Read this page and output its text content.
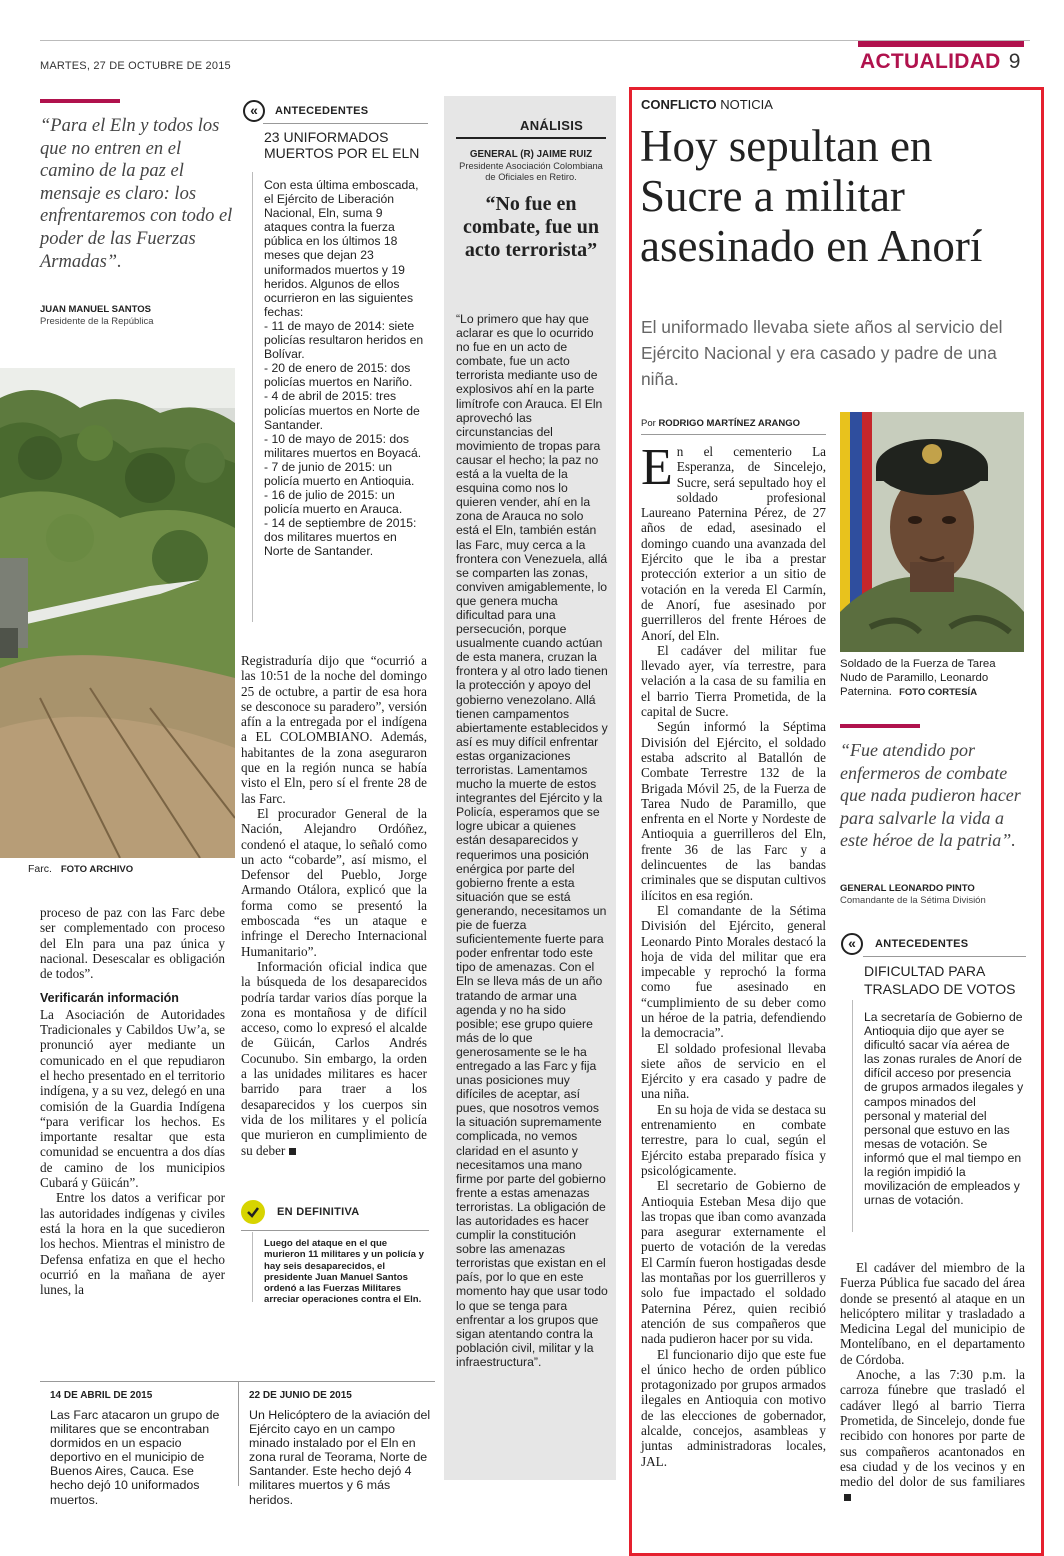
MARTES, 27 DE OCTUBRE DE 2015	ACTUALIDAD 9
“Para el Eln y todos los que no entren en el camino de la paz el mensaje es claro: los enfrentaremos con todo el poder de las Fuerzas Armadas”.
JUAN MANUEL SANTOS
Presidente de la República
Farc. FOTO ARCHIVO

proceso de paz con las Farc debe ser complementado con proceso del Eln para una paz única y nacional. Desescalar es obligación de todos”.

Verificarán información

La Asociación de Autoridades Tradicionales y Cabildos Uw’a, se pronunció ayer mediante un comunicado en el que repudiaron el hecho presentado en el territorio indígena, y a su vez, delegó en una comisión de la Guardia Indígena “para verificar los hechos. Es importante resaltar que esta comunidad se encuentra a dos días de camino de los municipios Cubará y Güicán”.

Entre los datos a verificar por las autoridades indígenas y civiles está la hora en la que sucedieron los hechos. Mientras el ministro de Defensa enfatiza en que el hecho ocurrió en la mañana de ayer lunes, la

«	ANTECEDENTES
23 UNIFORMADOS MUERTOS POR EL ELN

Con esta última emboscada, el Ejército de Liberación Nacional, Eln, suma 9 ataques contra la fuerza pública en los últimos 18 meses que dejan 23 uniformados muertos y 19 heridos. Algunos de ellos ocurrieron en las siguientes fechas:

- 11 de mayo de 2014: siete policías resultaron heridos en Bolívar.

- 20 de enero de 2015: dos policías muertos en Nariño.

- 4 de abril de 2015: tres policías muertos en Norte de Santander.

- 10 de mayo de 2015: dos militares muertos en Boyacá.

- 7 de junio de 2015: un policía muerto en Antioquia.

- 16 de julio de 2015: un policía muerto en Arauca.

- 14 de septiembre de 2015: dos militares muertos en Norte de Santander.

Registraduría dijo que “ocurrió a las 10:51 de la noche del domingo 25 de octubre, a partir de esa hora se desconoce su paradero”, versión afín a la entregada por el indígena a EL COLOMBIANO. Además, habitantes de la zona aseguraron que en la región nunca se había visto el Eln, pero sí el frente 28 de las Farc.

El procurador General de la Nación, Alejandro Ordóñez, condenó el ataque, lo señaló como un acto “cobarde”, así mismo, el Defensor del Pueblo, Jorge Armando Otálora, explicó que la forma como se presentó la emboscada “es un ataque e infringe el Derecho Internacional Humanitario”.

Información oficial indica que la búsqueda de los desaparecidos podría tardar varios días porque la zona es montañosa y de difícil acceso, como lo expresó el alcalde de Güicán, Carlos Andrés Cocunubo. Sin embargo, la orden a las unidades militares es hacer barrido para traer a los desaparecidos y los cuerpos sin vida de los militares y el policía que murieron en cumplimiento de su deber

EN DEFINITIVA
Luego del ataque en el que murieron 11 militares y un policía y hay seis desaparecidos, el presidente Juan Manuel Santos ordenó a las Fuerzas Militares arreciar operaciones contra el Eln.
ANÁLISIS
GENERAL (R) JAIME RUIZ
Presidente Asociación Colombiana de Oficiales en Retiro.
“No fue en combate, fue un acto terrorista”
“Lo primero que hay que aclarar es que lo ocurrido no fue en un acto de combate, fue un acto terrorista mediante uso de explosivos ahí en la parte limítrofe con Arauca. El Eln aprovechó las circunstancias del movimiento de tropas para causar el hecho; la paz no está a la vuelta de la esquina como nos lo quieren vender, ahí en la zona de Arauca no solo está el Eln, también están las Farc, muy cerca a la frontera con Venezuela, allá se comparten las zonas, conviven amigablemente, lo que genera mucha dificultad para una persecución, porque usualmente cuando actúan de esta manera, cruzan la frontera y al otro lado tienen la protección y apoyo del gobierno venezolano. Allá tienen campamentos abiertamente establecidos y así es muy difícil enfrentar estas organizaciones terroristas. Lamentamos mucho la muerte de estos integrantes del Ejército y la Policía, esperamos que se logre ubicar a quienes están desaparecidos y requerimos una posición enérgica por parte del gobierno frente a esta situación que se está generando, necesitamos un pie de fuerza suficientemente fuerte para poder enfrentar todo este tipo de amenazas. Con el Eln se lleva más de un año tratando de armar una agenda y no ha sido posible; ese grupo quiere más de lo que generosamente se le ha entregado a las Farc y fija unas posiciones muy difíciles de aceptar, así pues, que nosotros vemos la situación supremamente complicada, no vemos claridad en el asunto y necesitamos una mano firme por parte del gobierno frente a estas amenazas terroristas. La obligación de las autoridades es hacer cumplir la constitución sobre las amenazas terroristas que existan en el país, por lo que en este momento hay que usar todo lo que se tenga para enfrentar a los grupos que sigan atentando contra la población civil, militar y la infraestructura”.
14 DE ABRIL DE 2015
Las Farc atacaron un grupo de militares que se encontraban dormidos en un espacio deportivo en el municipio de Buenos Aires, Cauca. Ese hecho dejó 10 uniformados muertos.
22 DE JUNIO DE 2015
Un Helicóptero de la aviación del Ejército cayo en un campo minado instalado por el Eln en zona rural de Teorama, Norte de Santander. Este hecho dejó 4 militares muertos y 6 más heridos.
CONFLICTO NOTICIA
Hoy sepultan en Sucre a militar asesinado en Anorí
El uniformado llevaba siete años al servicio del Ejército Nacional y era casado y padre de una niña.
Por RODRIGO MARTÍNEZ ARANGO

En el cementerio La Esperanza, de Sincelejo, Sucre, será sepultado hoy el soldado profesional Laureano Paternina Pérez, de 27 años de edad, asesinado el domingo cuando una avanzada del Ejército que le iba a prestar protección exterior a un sitio de votación en la vereda El Carmín, de Anorí, fue asesinado por guerrilleros del frente Héroes de Anorí, del Eln.

El cadáver del militar fue llevado ayer, vía terrestre, para velación a la casa de su familia en el barrio Tierra Prometida, de la capital de Sucre.

Según informó la Séptima División del Ejército, el soldado estaba adscrito al Batallón de Combate Terrestre 132 de la Brigada Móvil 25, de la Fuerza de Tarea Nudo de Paramillo, que enfrenta en el Norte y Nordeste de Antioquia a guerrilleros del Eln, frente 36 de las Farc y a delincuentes de las bandas criminales que se disputan cultivos ilícitos en esa región.

El comandante de la Sétima División del Ejército, general Leonardo Pinto Morales destacó la hoja de vida del militar que era impecable y reprochó la forma como fue asesinado en “cumplimiento de su deber como un héroe de la patria, defendiendo la democracia”.

El soldado profesional llevaba siete años de servicio en el Ejército y era casado y padre de una niña.

En su hoja de vida se destaca su entrenamiento en combate terrestre, para lo cual, según el Ejército estaba preparado física y psicológicamente.

El secretario de Gobierno de Antioquia Esteban Mesa dijo que las tropas que iban como avanzada para asegurar externamente el puerto de votación de la veredas El Carmín fueron hostigadas desde las montañas por los guerrilleros y solo fue impactado el soldado Paternina Pérez, quien recibió atención de sus compañeros que nada pudieron hacer por su vida.

El funcionario dijo que este fue el único hecho de orden público protagonizado por grupos armados ilegales en Antioquia con motivo de las elecciones de gobernador, alcalde, concejos, asambleas y juntas administradoras locales, JAL.

Soldado de la Fuerza de Tarea Nudo de Paramillo, Leonardo Paternina. FOTO CORTESÍA
“Fue atendido por enfermeros de combate que nada pudieron hacer para salvarle la vida a este héroe de la patria”.
GENERAL LEONARDO PINTO
Comandante de la Sétima División
«	ANTECEDENTES
DIFICULTAD PARA TRASLADO DE VOTOS
La secretaría de Gobierno de Antioquia dijo que ayer se dificultó sacar vía aérea de las zonas rurales de Anorí de difícil acceso por presencia de grupos armados ilegales y campos minados del personal y material del personal que estuvo en las mesas de votación. Se informó que el mal tiempo en la región impidió la movilización de empleados y urnas de votación.

El cadáver del miembro de la Fuerza Pública fue sacado del área donde se presentó al ataque en un helicóptero militar y trasladado a Medicina Legal del municipio de Montelíbano, en el departamento de Córdoba.

Anoche, a las 7:30 p.m. la carroza fúnebre que trasladó el cadáver llegó al barrio Tierra Prometida, de Sincelejo, donde fue recibido con honores por parte de sus compañeros acantonados en esa ciudad y de los vecinos y en medio del dolor de sus familiares
